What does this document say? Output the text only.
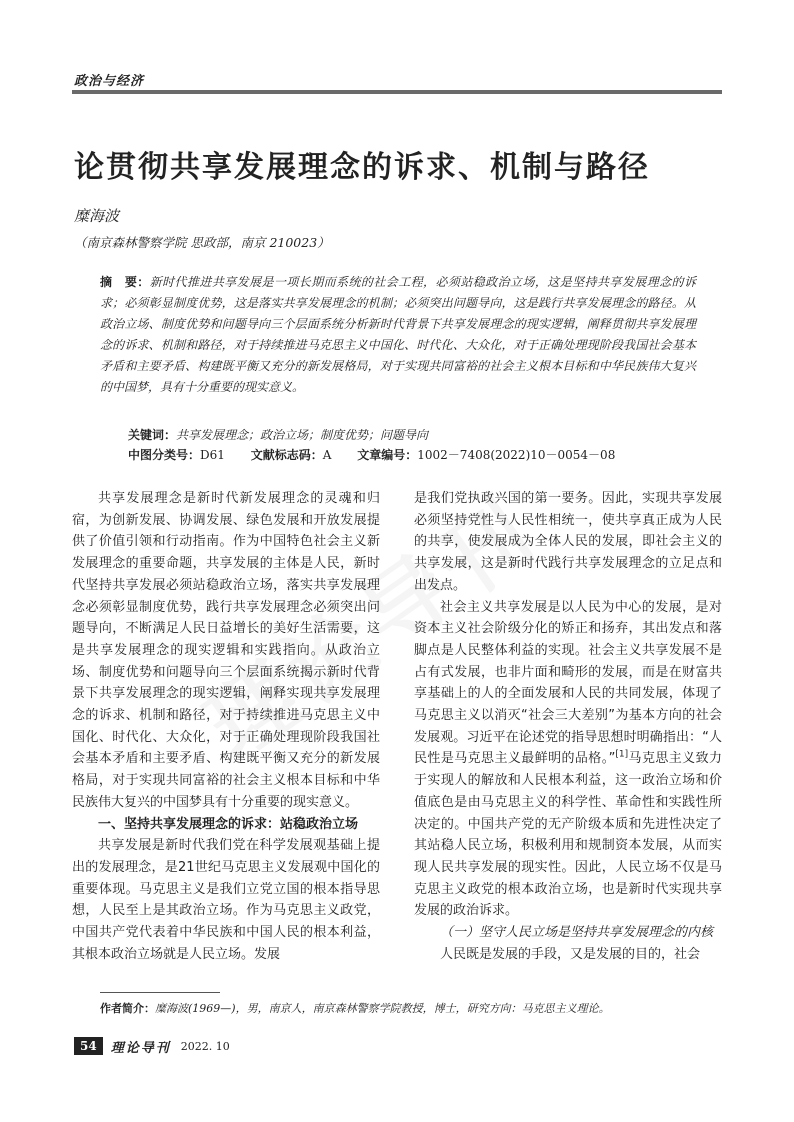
政治与经济
论贯彻共享发展理念的诉求、机制与路径
糜海波
（南京森林警察学院 思政部，南京 210023）
摘　要：新时代推进共享发展是一项长期而系统的社会工程，必须站稳政治立场，这是坚持共享发展理念的诉求；必须彰显制度优势，这是落实共享发展理念的机制；必须突出问题导向，这是践行共享发展理念的路径。从政治立场、制度优势和问题导向三个层面系统分析新时代背景下共享发展理念的现实逻辑，阐释贯彻共享发展理念的诉求、机制和路径，对于持续推进马克思主义中国化、时代化、大众化，对于正确处理现阶段我国社会基本矛盾和主要矛盾、构建既平衡又充分的新发展格局，对于实现共同富裕的社会主义根本目标和中华民族伟大复兴的中国梦，具有十分重要的现实意义。
关键词：共享发展理念；政治立场；制度优势；问题导向
中图分类号：D61 文献标志码：A 文章编号：1002－7408(2022)10－0054－08

共享发展理念是新时代新发展理念的灵魂和归宿，为创新发展、协调发展、绿色发展和开放发展提供了价值引领和行动指南。作为中国特色社会主义新发展理念的重要命题，共享发展的主体是人民，新时代坚持共享发展必须站稳政治立场，落实共享发展理念必须彰显制度优势，践行共享发展理念必须突出问题导向，不断满足人民日益增长的美好生活需要，这是共享发展理念的现实逻辑和实践指向。从政治立场、制度优势和问题导向三个层面系统揭示新时代背景下共享发展理念的现实逻辑，阐释实现共享发展理念的诉求、机制和路径，对于持续推进马克思主义中国化、时代化、大众化，对于正确处理现阶段我国社会基本矛盾和主要矛盾、构建既平衡又充分的新发展格局，对于实现共同富裕的社会主义根本目标和中华民族伟大复兴的中国梦具有十分重要的现实意义。

一、坚持共享发展理念的诉求：站稳政治立场

共享发展是新时代我们党在科学发展观基础上提出的发展理念，是21世纪马克思主义发展观中国化的重要体现。马克思主义是我们立党立国的根本指导思想，人民至上是其政治立场。作为马克思主义政党，中国共产党代表着中华民族和中国人民的根本利益，其根本政治立场就是人民立场。发展

是我们党执政兴国的第一要务。因此，实现共享发展必须坚持党性与人民性相统一，使共享真正成为人民的共享，使发展成为全体人民的发展，即社会主义的共享发展，这是新时代践行共享发展理念的立足点和出发点。

社会主义共享发展是以人民为中心的发展，是对资本主义社会阶级分化的矫正和扬弃，其出发点和落脚点是人民整体利益的实现。社会主义共享发展不是占有式发展，也非片面和畸形的发展，而是在财富共享基础上的人的全面发展和人民的共同发展，体现了马克思主义以消灭“社会三大差别”为基本方向的社会发展观。习近平在论述党的指导思想时明确指出：“人民性是马克思主义最鲜明的品格。”[1]马克思主义致力于实现人的解放和人民根本利益，这一政治立场和价值底色是由马克思主义的科学性、革命性和实践性所决定的。中国共产党的无产阶级本质和先进性决定了其站稳人民立场，积极利用和规制资本发展，从而实现人民共享发展的现实性。因此，人民立场不仅是马克思主义政党的根本政治立场，也是新时代实现共享发展的政治诉求。

（一）坚守人民立场是坚持共享发展理念的内核

人民既是发展的手段，又是发展的目的，社会

作者简介：糜海波(1969—)，男，南京人，南京森林警察学院教授，博士，研究方向：马克思主义理论。
54	理论导刊 2022. 10
